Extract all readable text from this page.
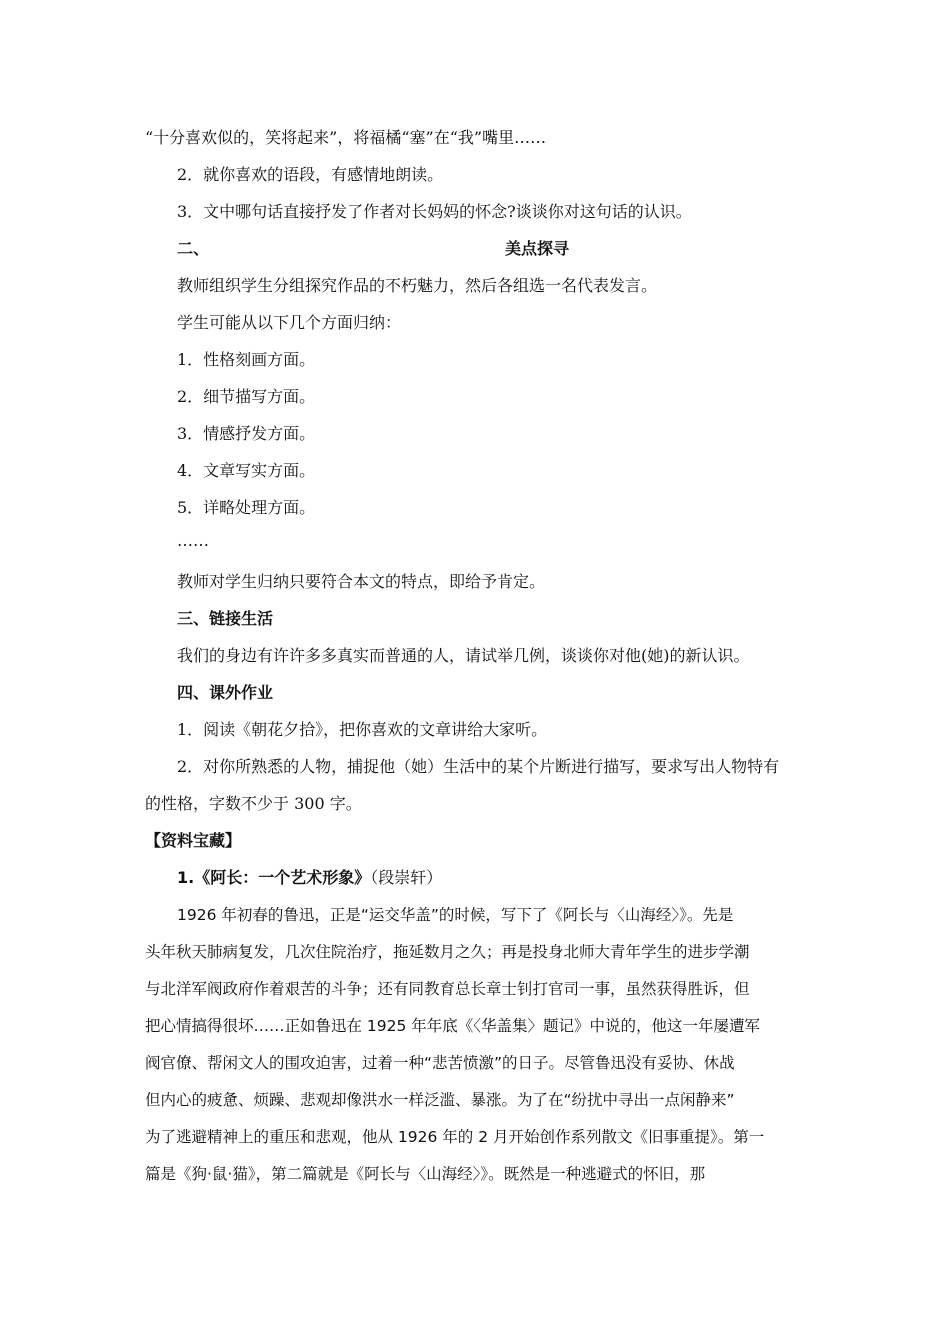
“十分喜欢似的，笑将起来”，将福橘“塞”在“我”嘴里……
2．就你喜欢的语段，有感情地朗读。
3．文中哪句话直接抒发了作者对长妈妈的怀念?谈谈你对这句话的认识。
二、	美点探寻
教师组织学生分组探究作品的不朽魅力，然后各组选一名代表发言。
学生可能从以下几个方面归纳：
1．性格刻画方面。
2．细节描写方面。
3．情感抒发方面。
4．文章写实方面。
5．详略处理方面。
……
教师对学生归纳只要符合本文的特点，即给予肯定。
三、链接生活
我们的身边有许许多多真实而普通的人，请试举几例，谈谈你对他(她)的新认识。
四、课外作业
1．阅读《朝花夕拾》，把你喜欢的文章讲给大家听。
2．对你所熟悉的人物，捕捉他（她）生活中的某个片断进行描写，要求写出人物特有
的性格，字数不少于 300 字。
【资料宝藏】
1.《阿长：一个艺术形象》（段崇轩）
1926 年初春的鲁迅，正是“运交华盖”的时候，写下了《阿长与〈山海经〉》。先是
头年秋天肺病复发，几次住院治疗，拖延数月之久；再是投身北师大青年学生的进步学潮
与北洋军阀政府作着艰苦的斗争；还有同教育总长章士钊打官司一事，虽然获得胜诉，但
把心情搞得很坏……正如鲁迅在 1925 年年底《〈华盖集〉题记》中说的，他这一年屡遭军
阀官僚、帮闲文人的围攻迫害，过着一种“悲苦愤激”的日子。尽管鲁迅没有妥协、休战
但内心的疲惫、烦躁、悲观却像洪水一样泛滥、暴涨。为了在“纷扰中寻出一点闲静来”
为了逃避精神上的重压和悲观，他从 1926 年的 2 月开始创作系列散文《旧事重提》。第一
篇是《狗·鼠·猫》，第二篇就是《阿长与〈山海经〉》。既然是一种逃避式的怀旧，那
